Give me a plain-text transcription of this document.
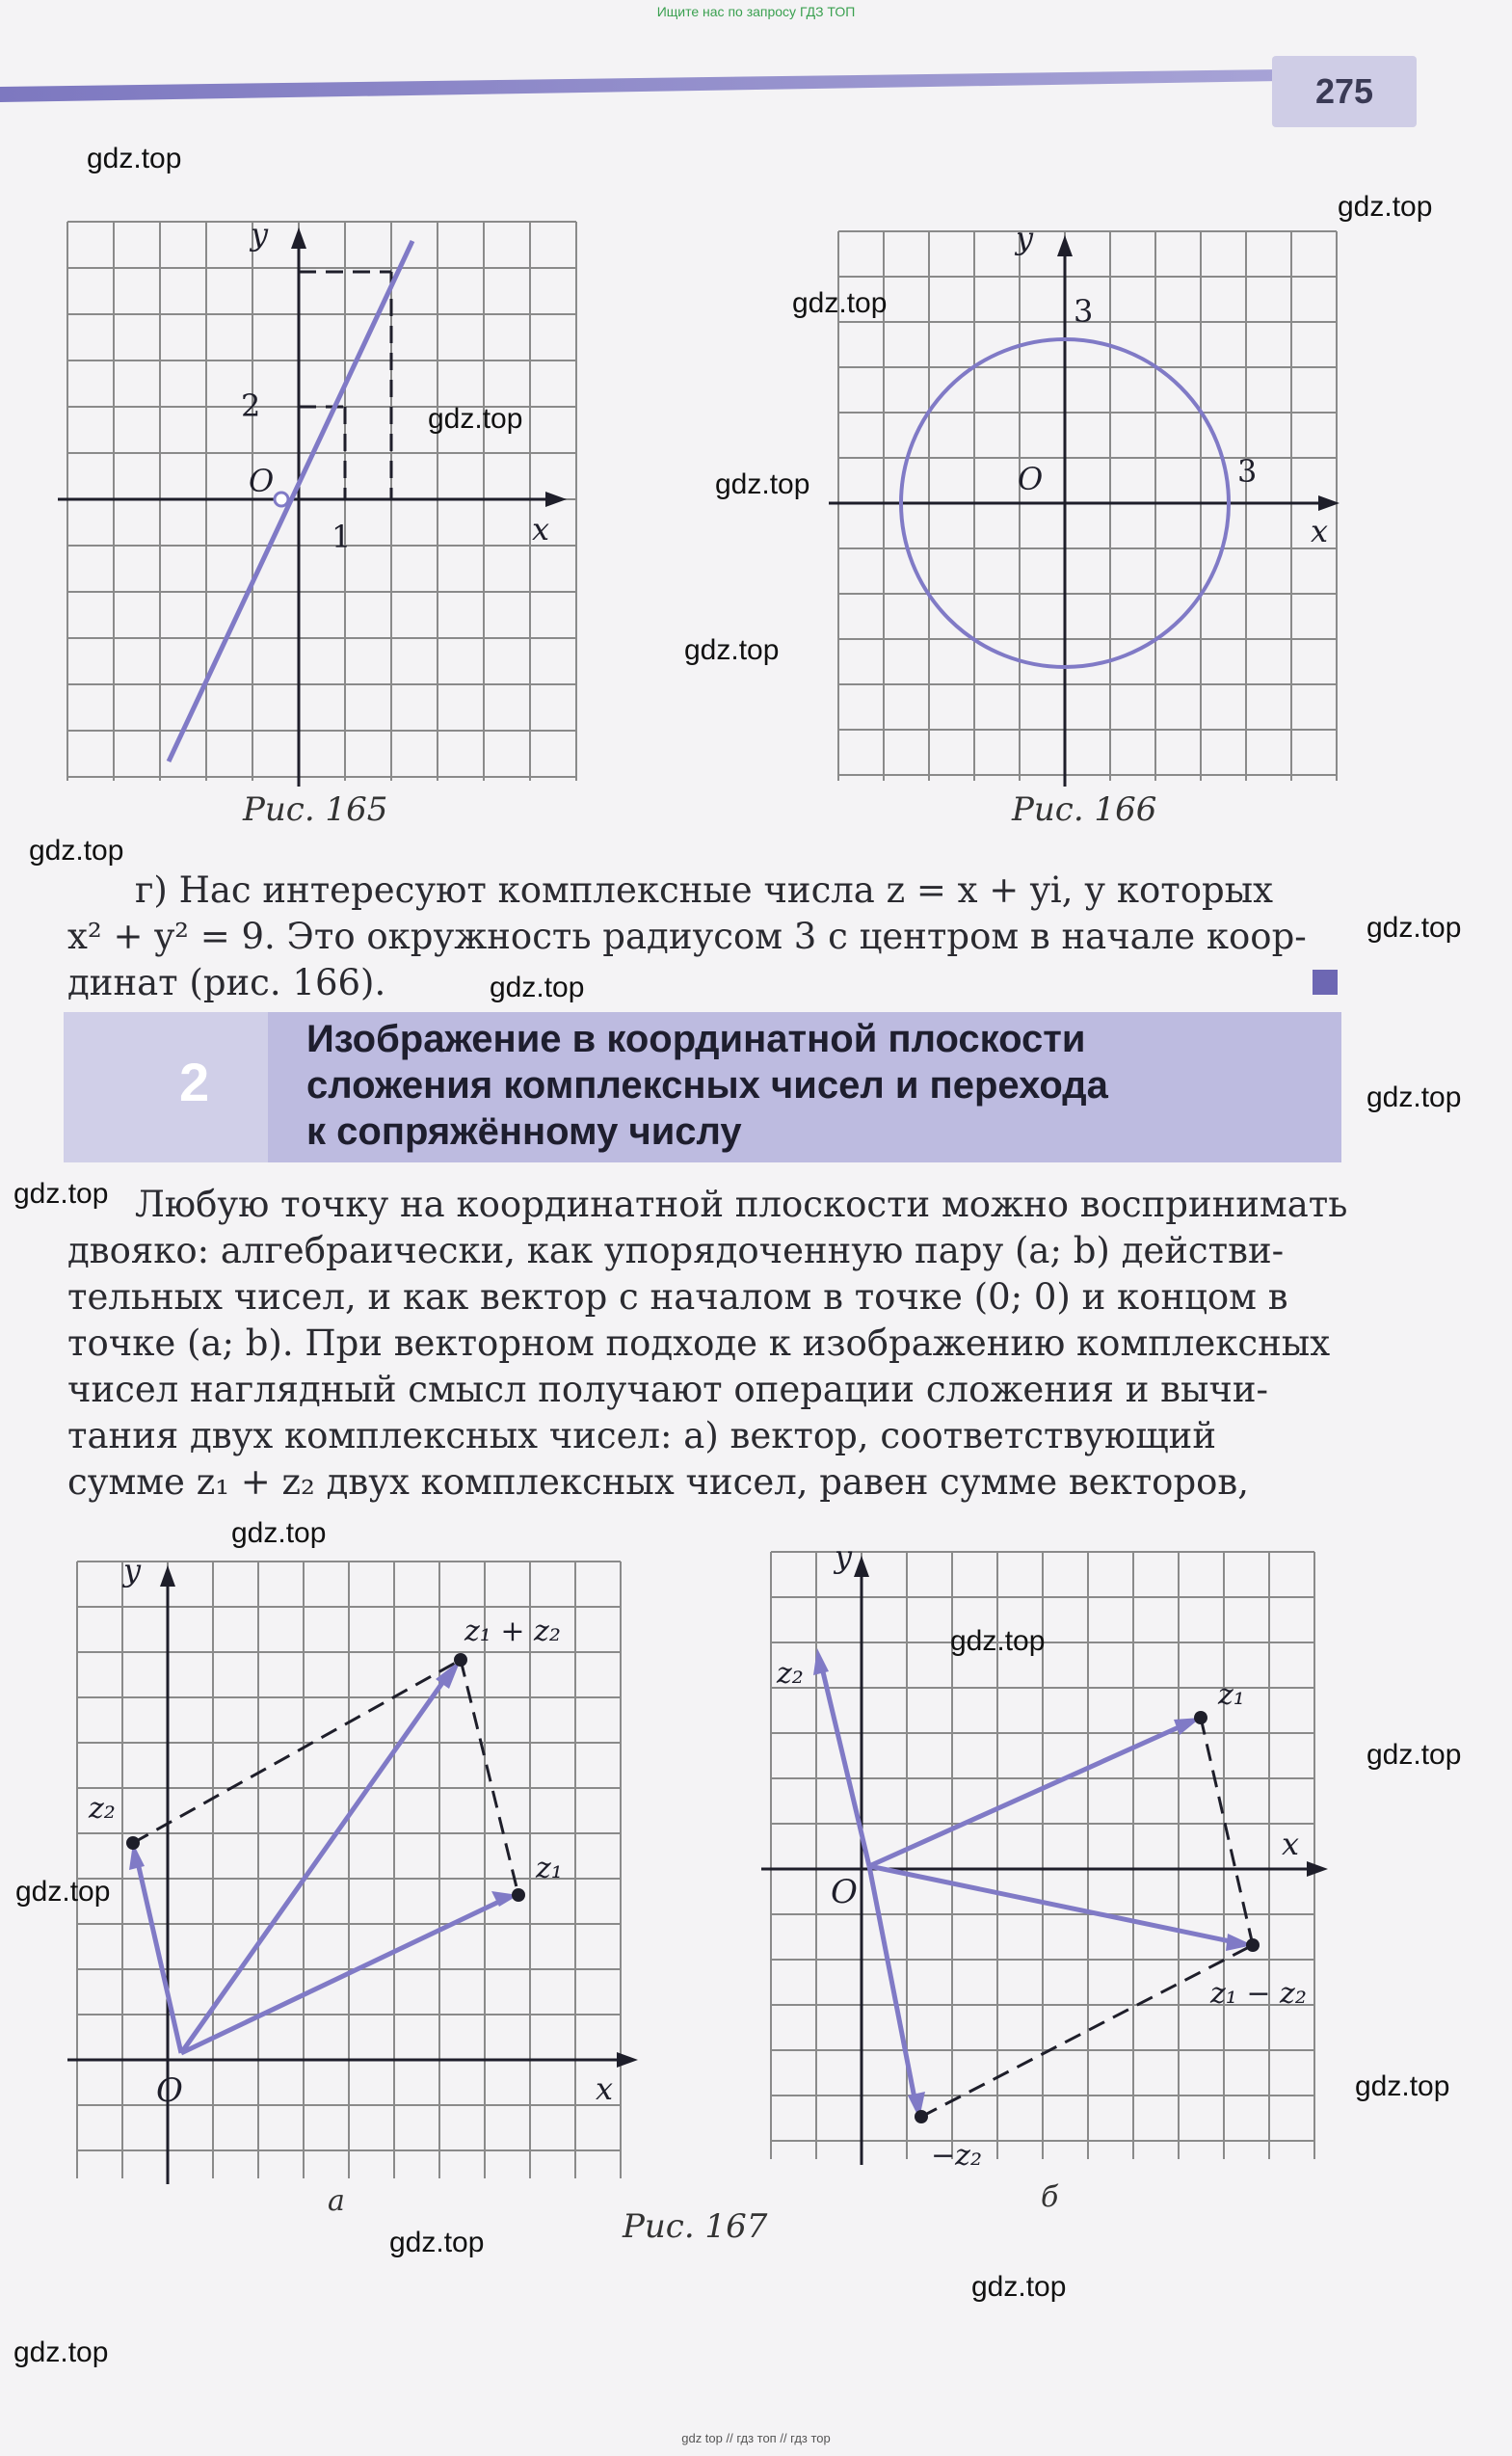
Ищите нас по запросу ГДЗ ТОП
275
y
x
O
2
1
Рис. 165
y
x
O
3
3
Рис. 166
г) Нас интересуют комплексные числа z = x + yi, у которых
x² + y² = 9. Это окружность радиусом 3 с центром в начале коор-
динат (рис. 166).
2
Изображение в координатной плоскости
сложения комплексных чисел и перехода
к сопряжённому числу
Любую точку на координатной плоскости можно воспринимать
двояко: алгебраически, как упорядоченную пару (a; b) действи-
тельных чисел, и как вектор с началом в точке (0; 0) и концом в
точке (a; b). При векторном подходе к изображению комплексных
чисел наглядный смысл получают операции сложения и вычи-
тания двух комплексных чисел: а) вектор, соответствующий
сумме z₁ + z₂ двух комплексных чисел, равен сумме векторов,
y
x
O
z₁
z₂
z₁ + z₂
а
y
x
O
z₁
z₂
−z₂
z₁ − z₂
б
Рис. 167
gdz.top
gdz.top
gdz.top
gdz.top
gdz.top
gdz.top
gdz.top
gdz.top
gdz.top
gdz.top
gdz.top
gdz.top
gdz.top
gdz.top
gdz.top
gdz.top
gdz.top
gdz.top
gdz.top
gdz top // гдз топ // гдз тор
